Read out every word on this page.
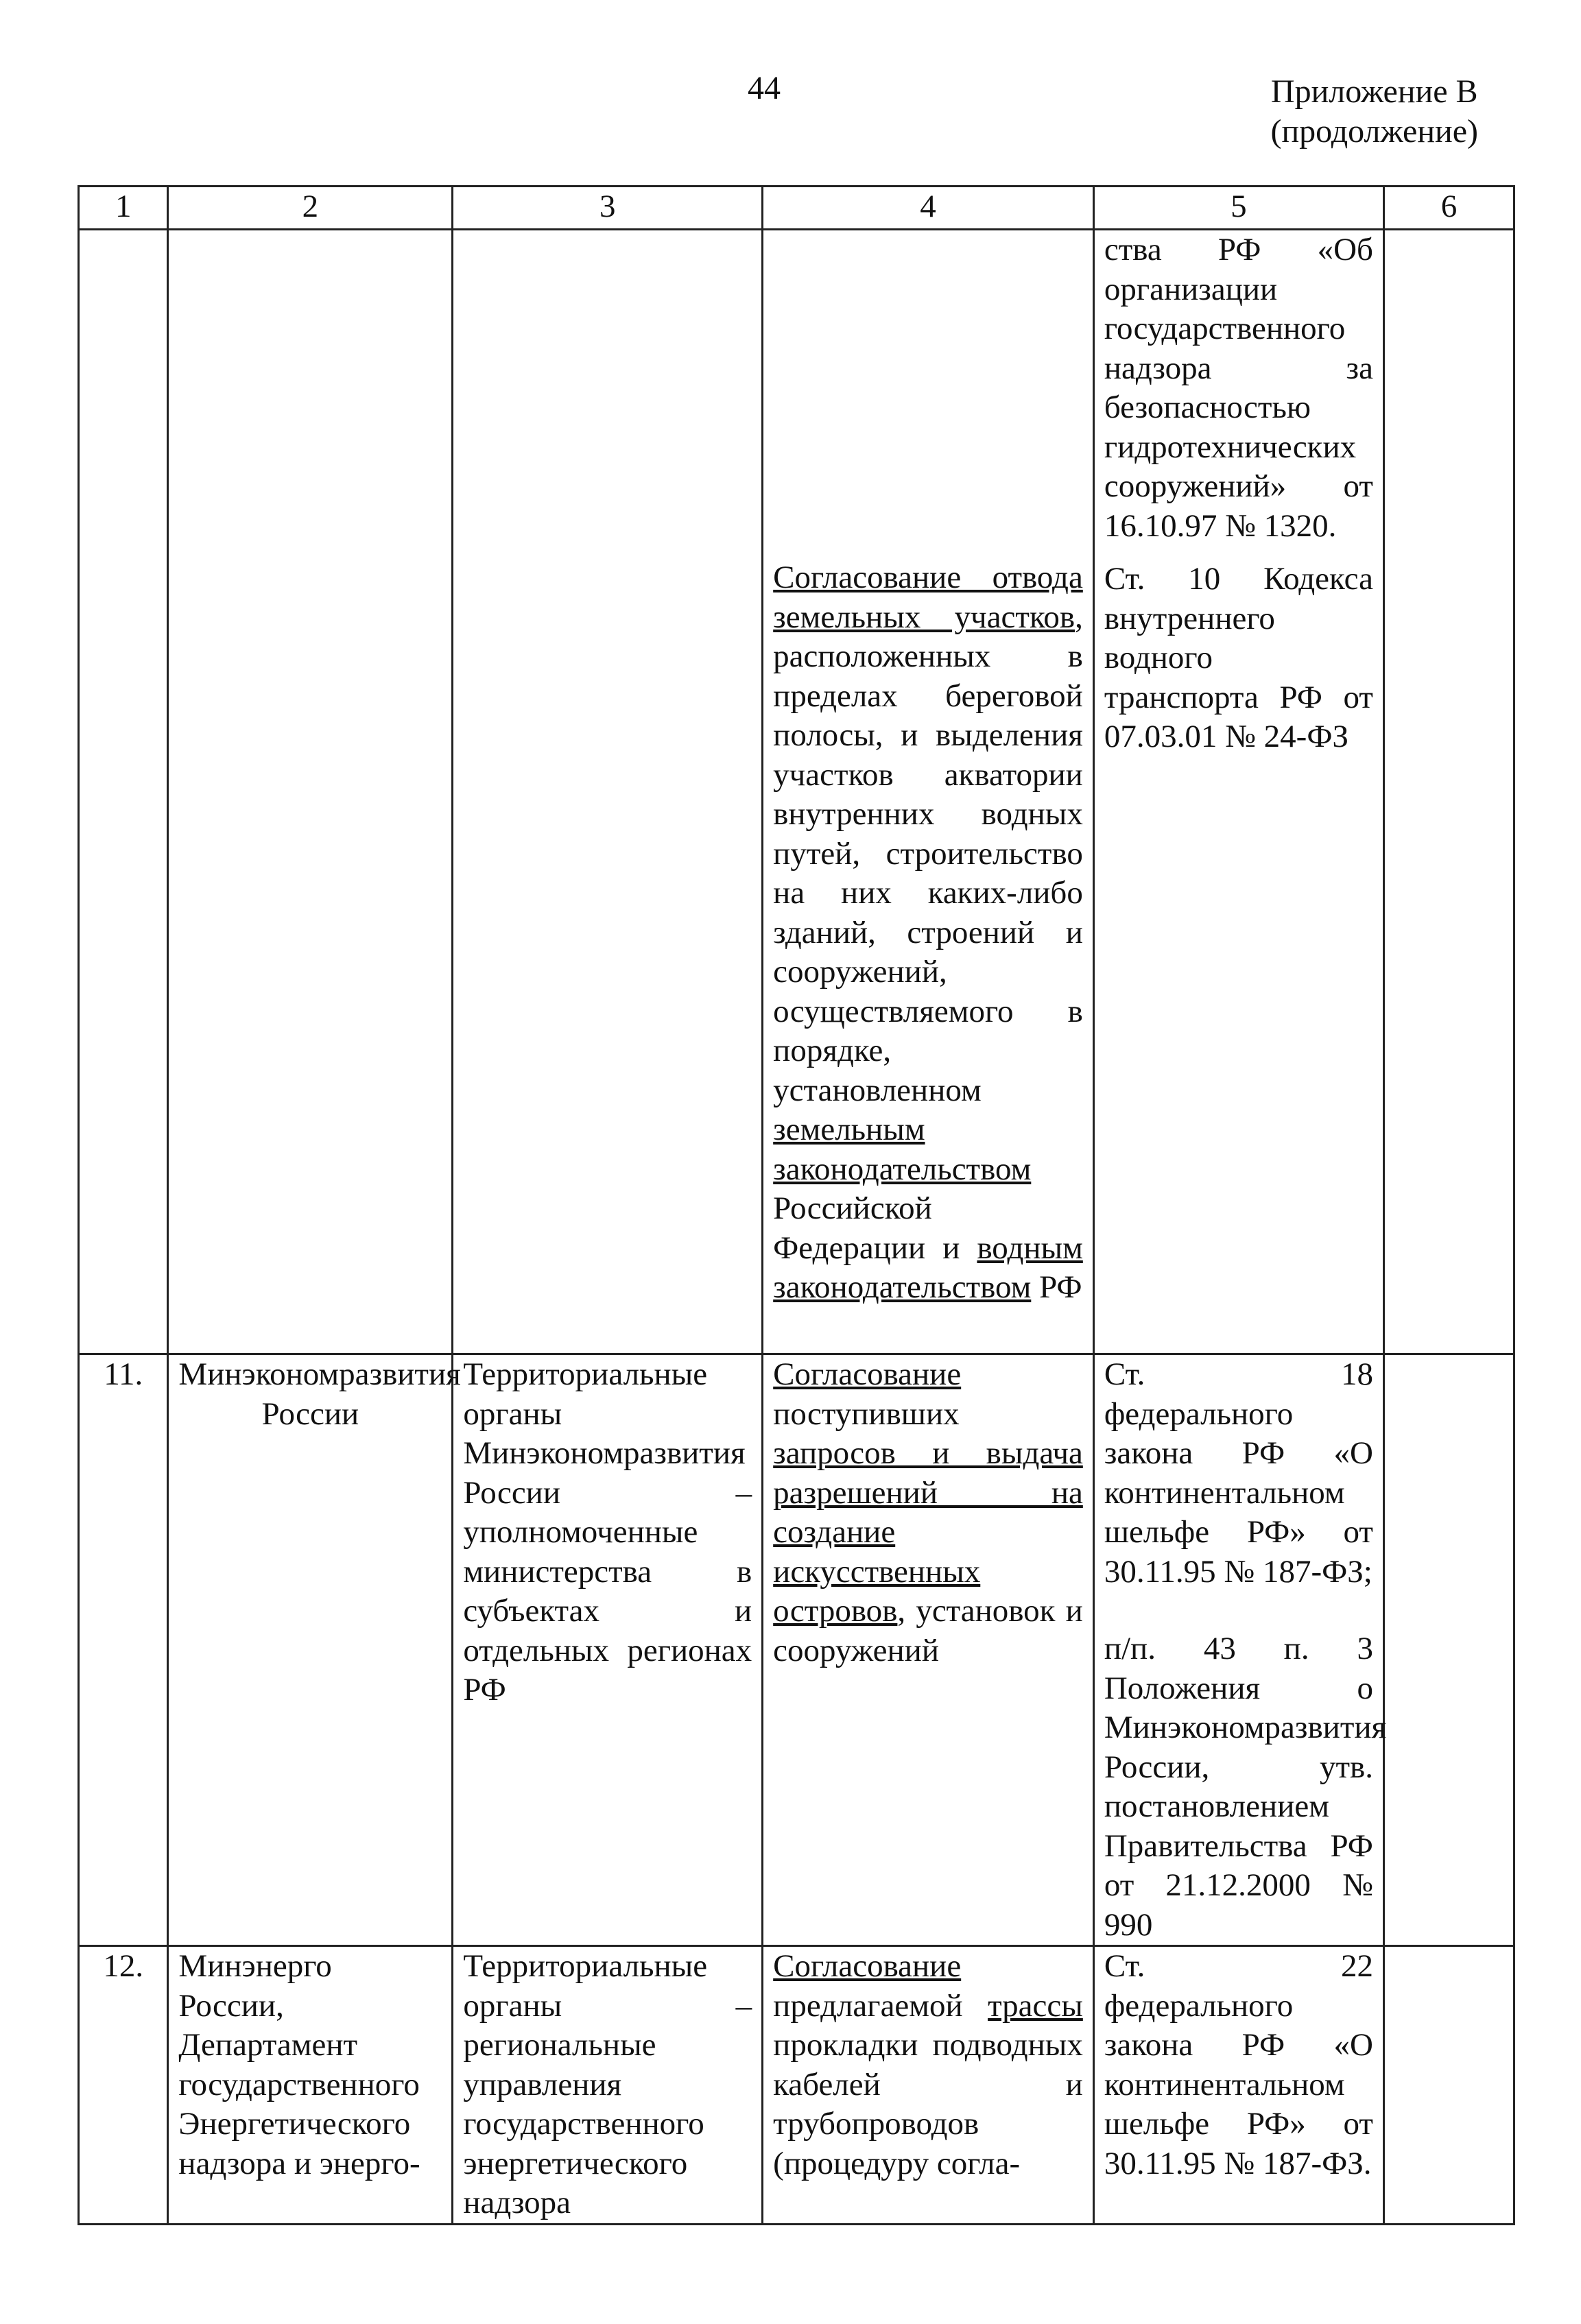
44	Приложение В
(продолжение)
1	2	3	4	5	6

			Согласование отвода земельных участков, расположенных в пределах береговой полосы, и выделения участков акватории внутренних водных путей, строительство на них каких-либо зданий, строений и сооружений, осуществляемого в порядке, установленном земельным законодательством Российской Федерации и водным законодательством РФ	ства РФ «Об организации государственного надзора за безопасностью гидротехнических сооружений» от 16.10.97 № 1320.
Ст. 10 Кодекса внутреннего водного транспорта РФ от 07.03.01 № 24-ФЗ	

11.	Минэкономразвития России	Территориальные органы Минэкономразвития России – уполномоченные министерства в субъектах и отдельных регионах РФ	Согласование поступивших запросов и выдача разрешений на создание искусственных островов, установок и сооружений	Ст. 18 федерального закона РФ «О континентальном шельфе РФ» от 30.11.95 № 187-ФЗ;
п/п. 43 п. 3 Положения о Минэкономразвития России, утв. постановлением Правительства РФ от 21.12.2000 № 990	

12.	Минэнерго России, Департамент государственного Энергетического надзора и энерго-	Территориальные органы – региональные управления государственного энергетического надзора	Согласование предлагаемой трассы прокладки подводных кабелей и трубопроводов (процедуру согла-	Ст. 22 федерального закона РФ «О континентальном шельфе РФ» от 30.11.95 № 187-ФЗ.	
